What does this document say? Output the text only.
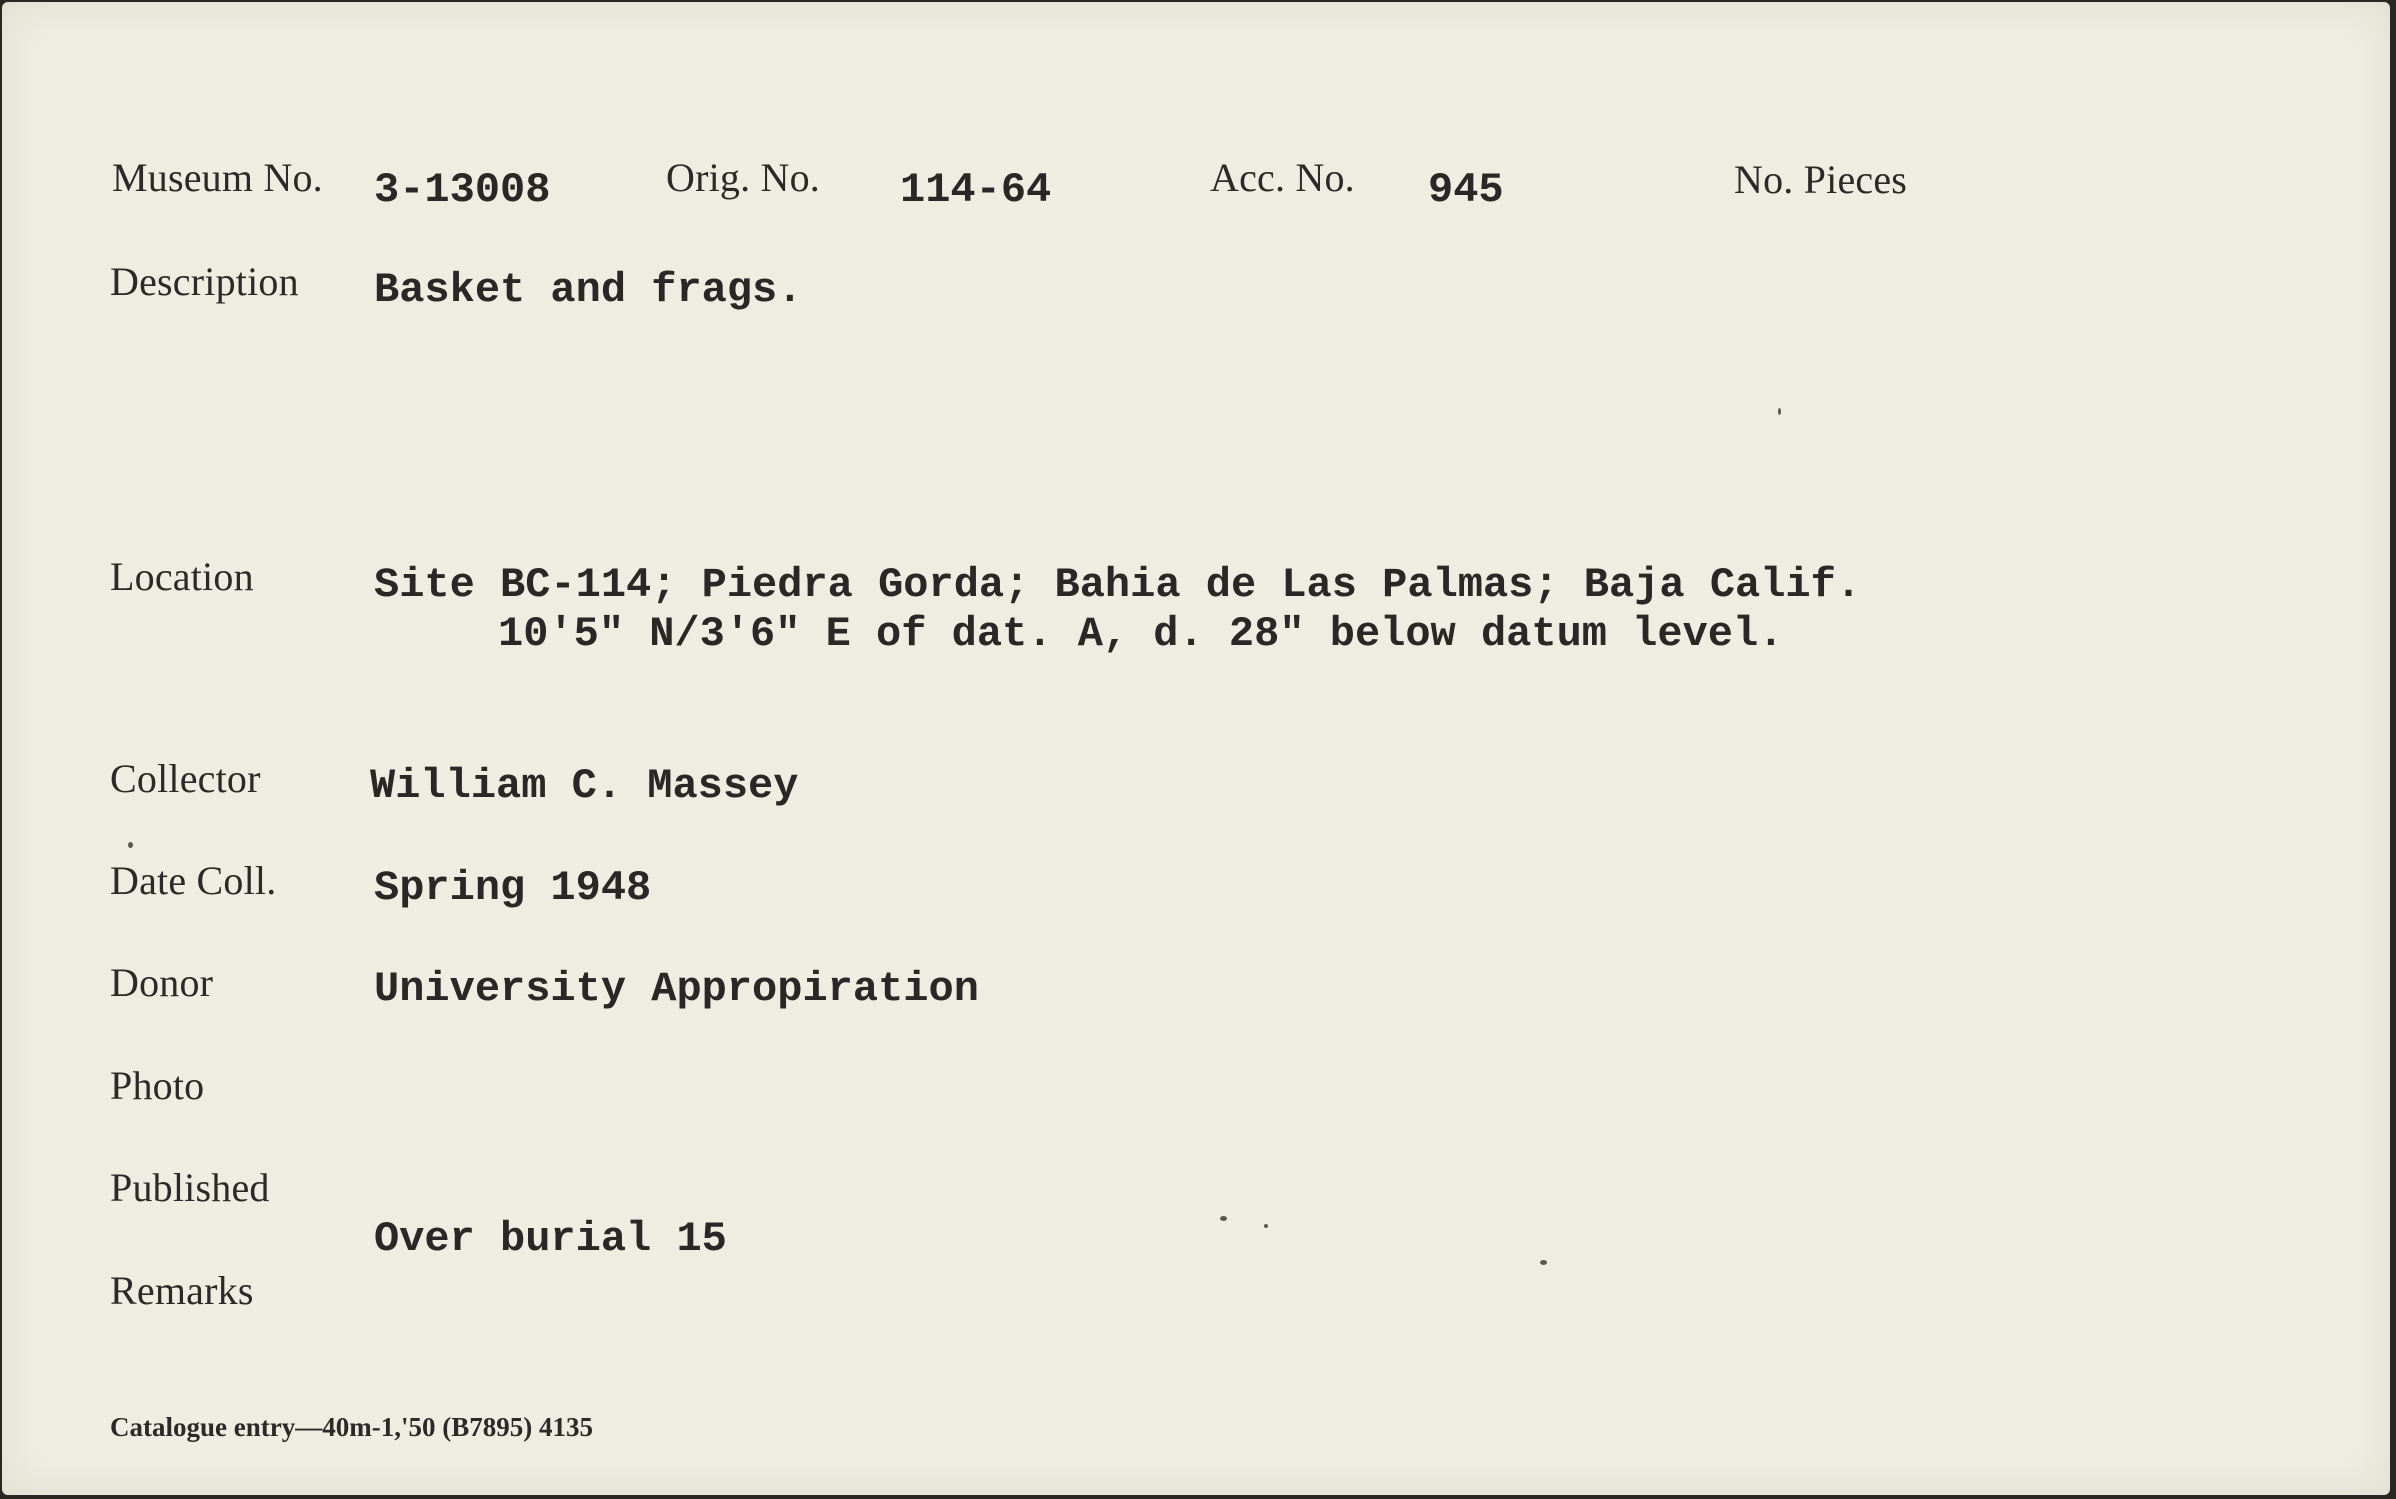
Museum No. 3-13008	Orig. No. 114-64	Acc. No. 945	No. Pieces
Description Basket and frags.
Location	Site BC-114; Piedra Gorda; Bahia de Las Palmas; Baja Calif.
10'5" N/3'6" E of dat. A, d. 28" below datum level.
Collector	William C. Massey
Date Coll. Spring 1948
Donor	University Appropiration
Photo
Published
Over burial 15
Remarks
Catalogue entry—40m-1,'50 (B7895) 4135
